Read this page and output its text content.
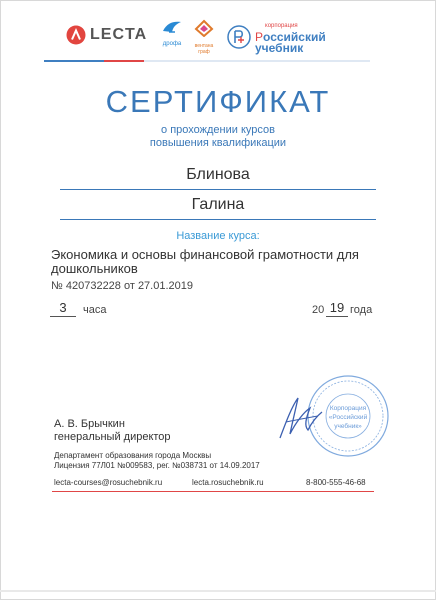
LECTA
дрофа	вентана граф
корпорация
Российский
учебник
СЕРТИФИКАТ
о прохождении курсов
повышения квалификации
Блинова
Галина
Название курса:
Экономика и основы финансовой грамотности для дошкольников
№ 420732228 от 27.01.2019
3	часа	20 19 года
Корпорация
«Российский
учебник»
А. В. Брычкин
генеральный директор
Департамент образования города Москвы
Лицензия 77Л01 №009583, рег. №038731 от 14.09.2017
lecta-courses@rosuchebnik.ru	lecta.rosuchebnik.ru	8-800-555-46-68
